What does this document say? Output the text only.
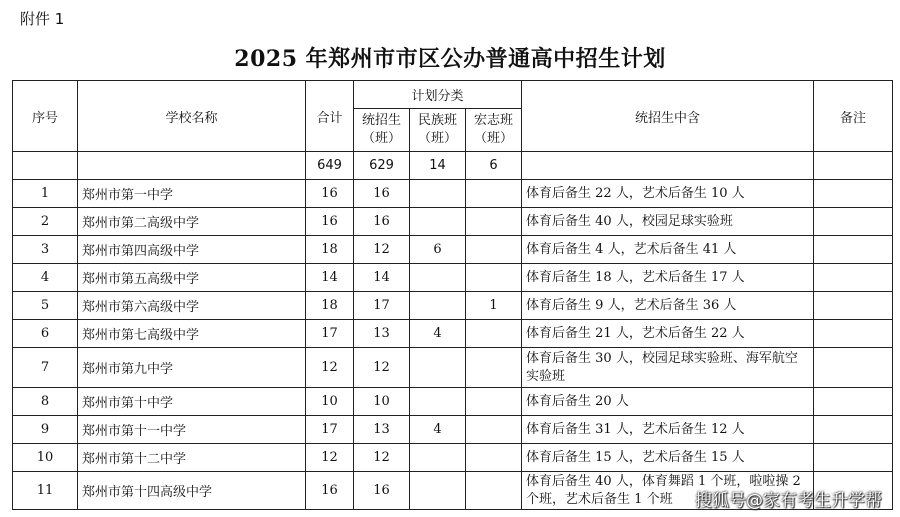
附件 1
2025 年郑州市市区公办普通高中招生计划
序号	学校名称	合计	计划分类			统招生中含	备注
			统招生（班）	民族班（班）	宏志班（班）		
		649	629	14	6		
1	郑州市第一中学	16	16			体育后备生 22 人，艺术后备生 10 人	
2	郑州市第二高级中学	16	16			体育后备生 40 人，校园足球实验班	
3	郑州市第四高级中学	18	12	6		体育后备生 4 人，艺术后备生 41 人	
4	郑州市第五高级中学	14	14			体育后备生 18 人，艺术后备生 17 人	
5	郑州市第六高级中学	18	17		1	体育后备生 9 人，艺术后备生 36 人	
6	郑州市第七高级中学	17	13	4		体育后备生 21 人，艺术后备生 22 人	
7	郑州市第九中学	12	12			体育后备生 30 人，校园足球实验班、海军航空实验班	
8	郑州市第十中学	10	10			体育后备生 20 人	
9	郑州市第十一中学	17	13	4		体育后备生 31 人，艺术后备生 12 人	
10	郑州市第十二中学	12	12			体育后备生 15 人，艺术后备生 15 人	
11	郑州市第十四高级中学	16	16			体育后备生 40 人，体育舞蹈 1 个班，啦啦操 2 个班，艺术后备生 1 个班	搜狐号@家有考生升学帮
